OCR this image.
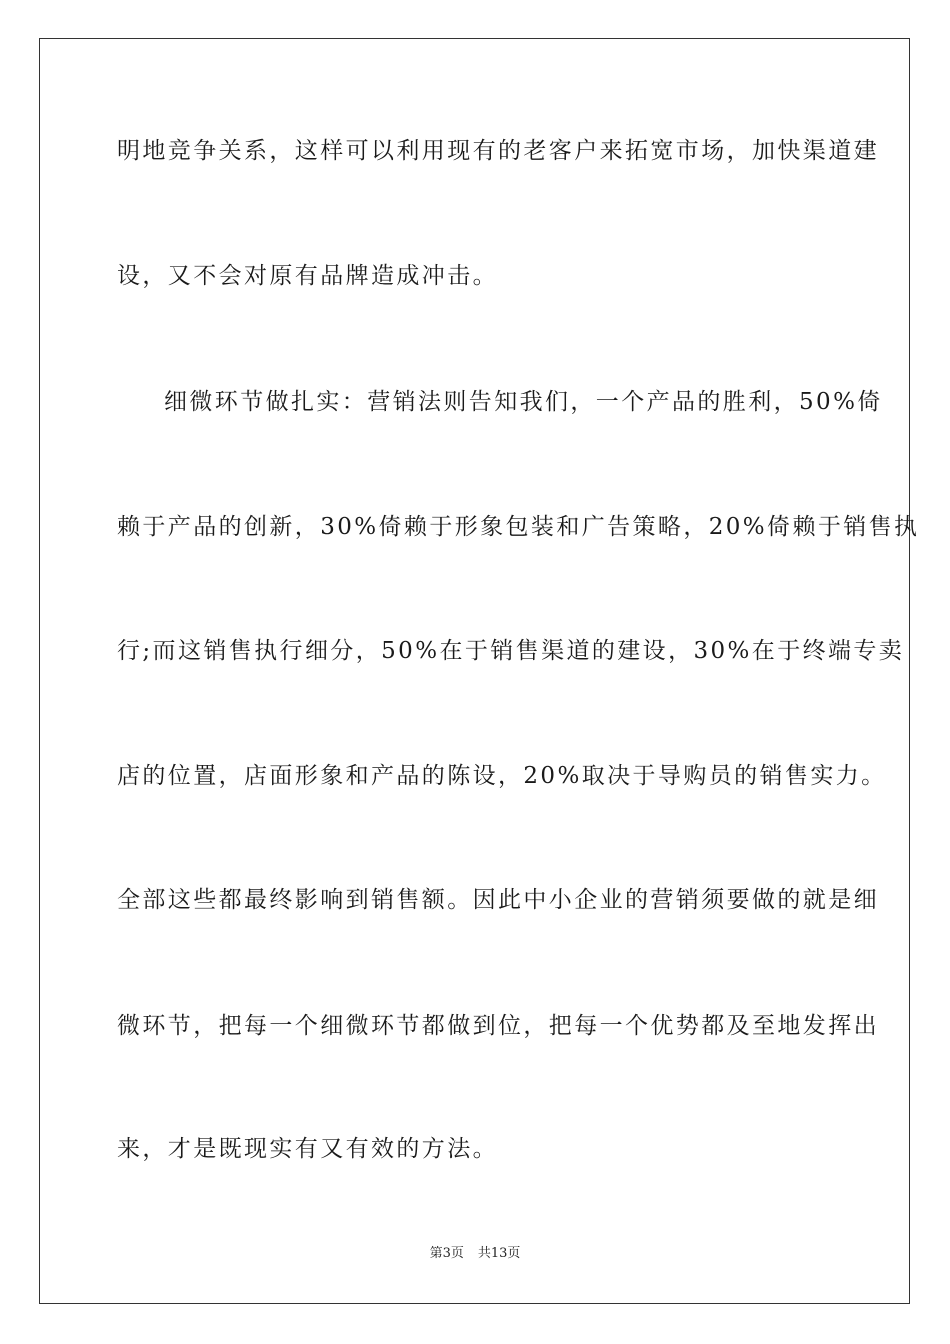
明地竞争关系，这样可以利用现有的老客户来拓宽市场，加快渠道建
设，又不会对原有品牌造成冲击。
细微环节做扎实：营销法则告知我们，一个产品的胜利，50%倚
赖于产品的创新，30%倚赖于形象包装和广告策略，20%倚赖于销售执
行;而这销售执行细分，50%在于销售渠道的建设，30%在于终端专卖
店的位置，店面形象和产品的陈设，20%取决于导购员的销售实力。
全部这些都最终影响到销售额。因此中小企业的营销须要做的就是细
微环节，把每一个细微环节都做到位，把每一个优势都及至地发挥出
来，才是既现实有又有效的方法。
第3页 共13页
